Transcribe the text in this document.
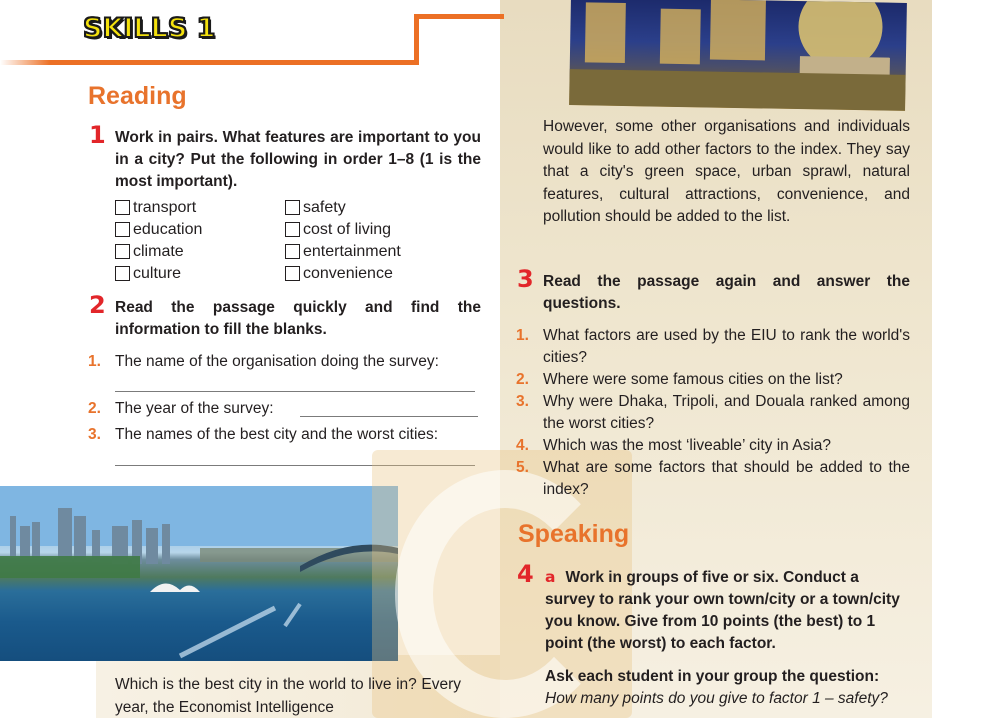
SKILLS 1
Reading
1 Work in pairs. What features are important to you in a city? Put the following in order 1–8 (1 is the most important).
transport	safety
education	cost of living
climate	entertainment
culture	convenience
2 Read the passage quickly and find the information to fill the blanks.
1. The name of the organisation doing the survey:
2. The year of the survey:
3. The names of the best city and the worst cities:
Which is the best city in the world to live in? Every year, the Economist Intelligence
However, some other organisations and individuals would like to add other factors to the index. They say that a city's green space, urban sprawl, natural features, cultural attractions, convenience, and pollution should be added to the list.
3 Read the passage again and answer the questions.
1. What factors are used by the EIU to rank the world's cities?
2. Where were some famous cities on the list?
3. Why were Dhaka, Tripoli, and Douala ranked among the worst cities?
4. Which was the most ‘liveable’ city in Asia?
5. What are some factors that should be added to the index?
Speaking
4 a Work in groups of five or six. Conduct a survey to rank your own town/city or a town/city you know. Give from 10 points (the best) to 1 point (the worst) to each factor.
Ask each student in your group the question:
How many points do you give to factor 1 – safety?
